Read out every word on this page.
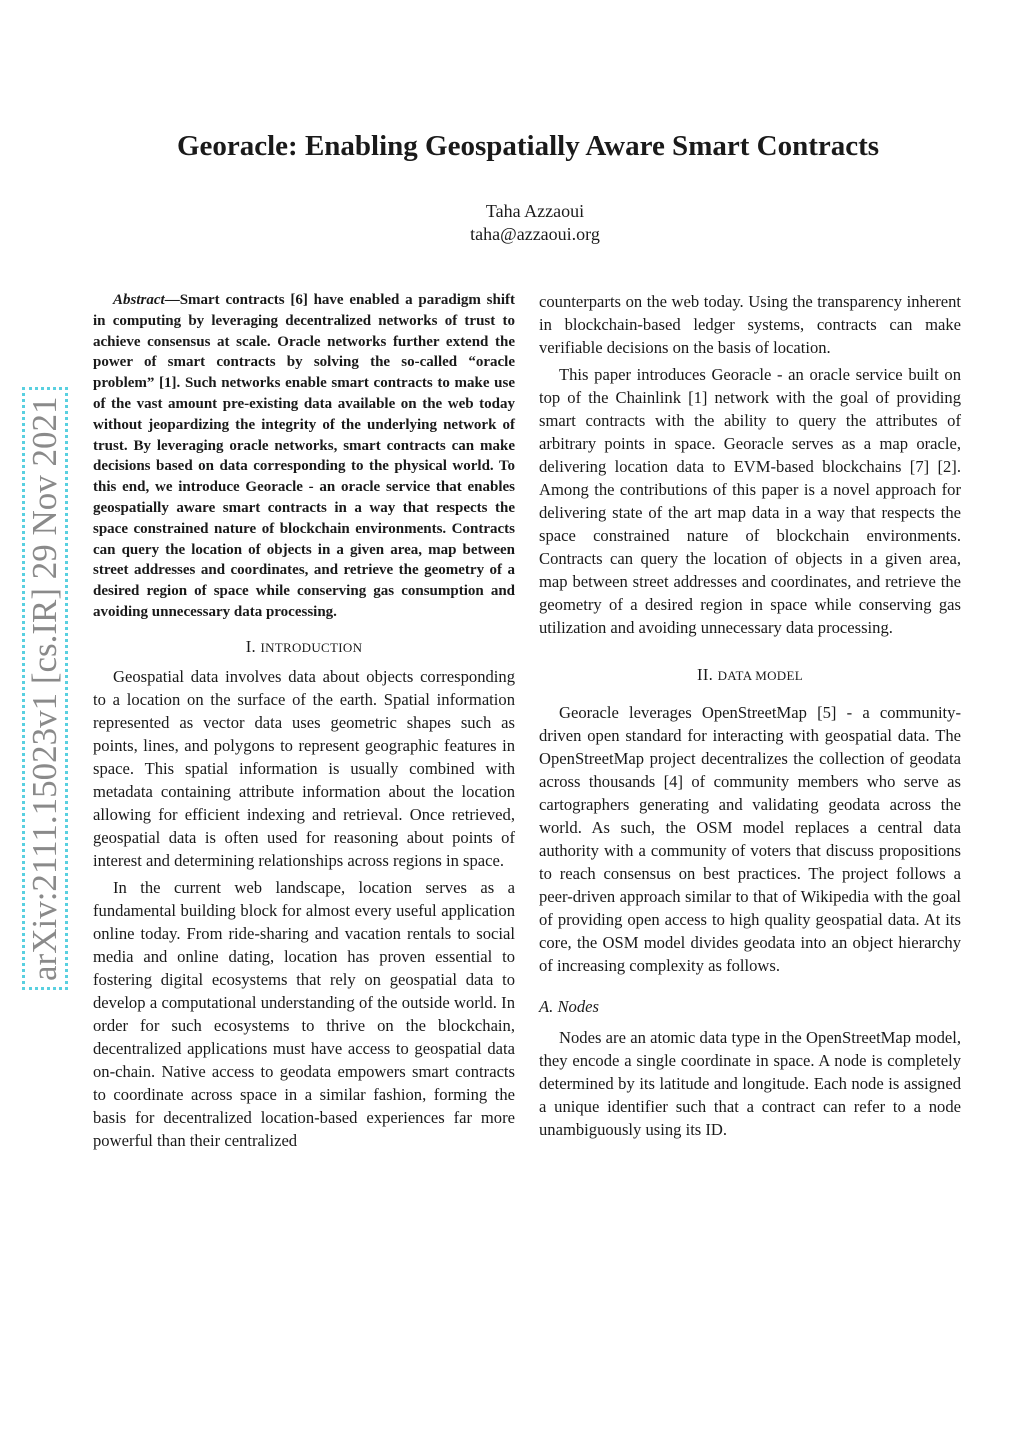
Georacle: Enabling Geospatially Aware Smart Contracts
Taha Azzaoui
taha@azzaoui.org
arXiv:2111.15023v1 [cs.IR] 29 Nov 2021

Abstract—Smart contracts [6] have enabled a paradigm shift in computing by leveraging decentralized networks of trust to achieve consensus at scale. Oracle networks further extend the power of smart contracts by solving the so-called “oracle problem” [1]. Such networks enable smart contracts to make use of the vast amount pre-existing data available on the web today without jeopardizing the integrity of the underlying network of trust. By leveraging oracle networks, smart contracts can make decisions based on data corresponding to the physical world. To this end, we introduce Georacle - an oracle service that enables geospatially aware smart contracts in a way that respects the space constrained nature of blockchain environments. Contracts can query the location of objects in a given area, map between street addresses and coordinates, and retrieve the geometry of a desired region of space while conserving gas consumption and avoiding unnecessary data processing.

I. INTRODUCTION

Geospatial data involves data about objects corresponding to a location on the surface of the earth. Spatial information represented as vector data uses geometric shapes such as points, lines, and polygons to represent geographic features in space. This spatial information is usually combined with metadata containing attribute information about the location allowing for efficient indexing and retrieval. Once retrieved, geospatial data is often used for reasoning about points of interest and determining relationships across regions in space.

In the current web landscape, location serves as a fundamental building block for almost every useful application online today. From ride-sharing and vacation rentals to social media and online dating, location has proven essential to fostering digital ecosystems that rely on geospatial data to develop a computational understanding of the outside world. In order for such ecosystems to thrive on the blockchain, decentralized applications must have access to geospatial data on-chain. Native access to geodata empowers smart contracts to coordinate across space in a similar fashion, forming the basis for decentralized location-based experiences far more powerful than their centralized

counterparts on the web today. Using the transparency inherent in blockchain-based ledger systems, contracts can make verifiable decisions on the basis of location.

This paper introduces Georacle - an oracle service built on top of the Chainlink [1] network with the goal of providing smart contracts with the ability to query the attributes of arbitrary points in space. Georacle serves as a map oracle, delivering location data to EVM-based blockchains [7] [2]. Among the contributions of this paper is a novel approach for delivering state of the art map data in a way that respects the space constrained nature of blockchain environments. Contracts can query the location of objects in a given area, map between street addresses and coordinates, and retrieve the geometry of a desired region in space while conserving gas utilization and avoiding unnecessary data processing.

II. DATA MODEL

Georacle leverages OpenStreetMap [5] - a community-driven open standard for interacting with geospatial data. The OpenStreetMap project decentralizes the collection of geodata across thousands [4] of community members who serve as cartographers generating and validating geodata across the world. As such, the OSM model replaces a central data authority with a community of voters that discuss propositions to reach consensus on best practices. The project follows a peer-driven approach similar to that of Wikipedia with the goal of providing open access to high quality geospatial data. At its core, the OSM model divides geodata into an object hierarchy of increasing complexity as follows.

A. Nodes

Nodes are an atomic data type in the OpenStreetMap model, they encode a single coordinate in space. A node is completely determined by its latitude and longitude. Each node is assigned a unique identifier such that a contract can refer to a node unambiguously using its ID.
